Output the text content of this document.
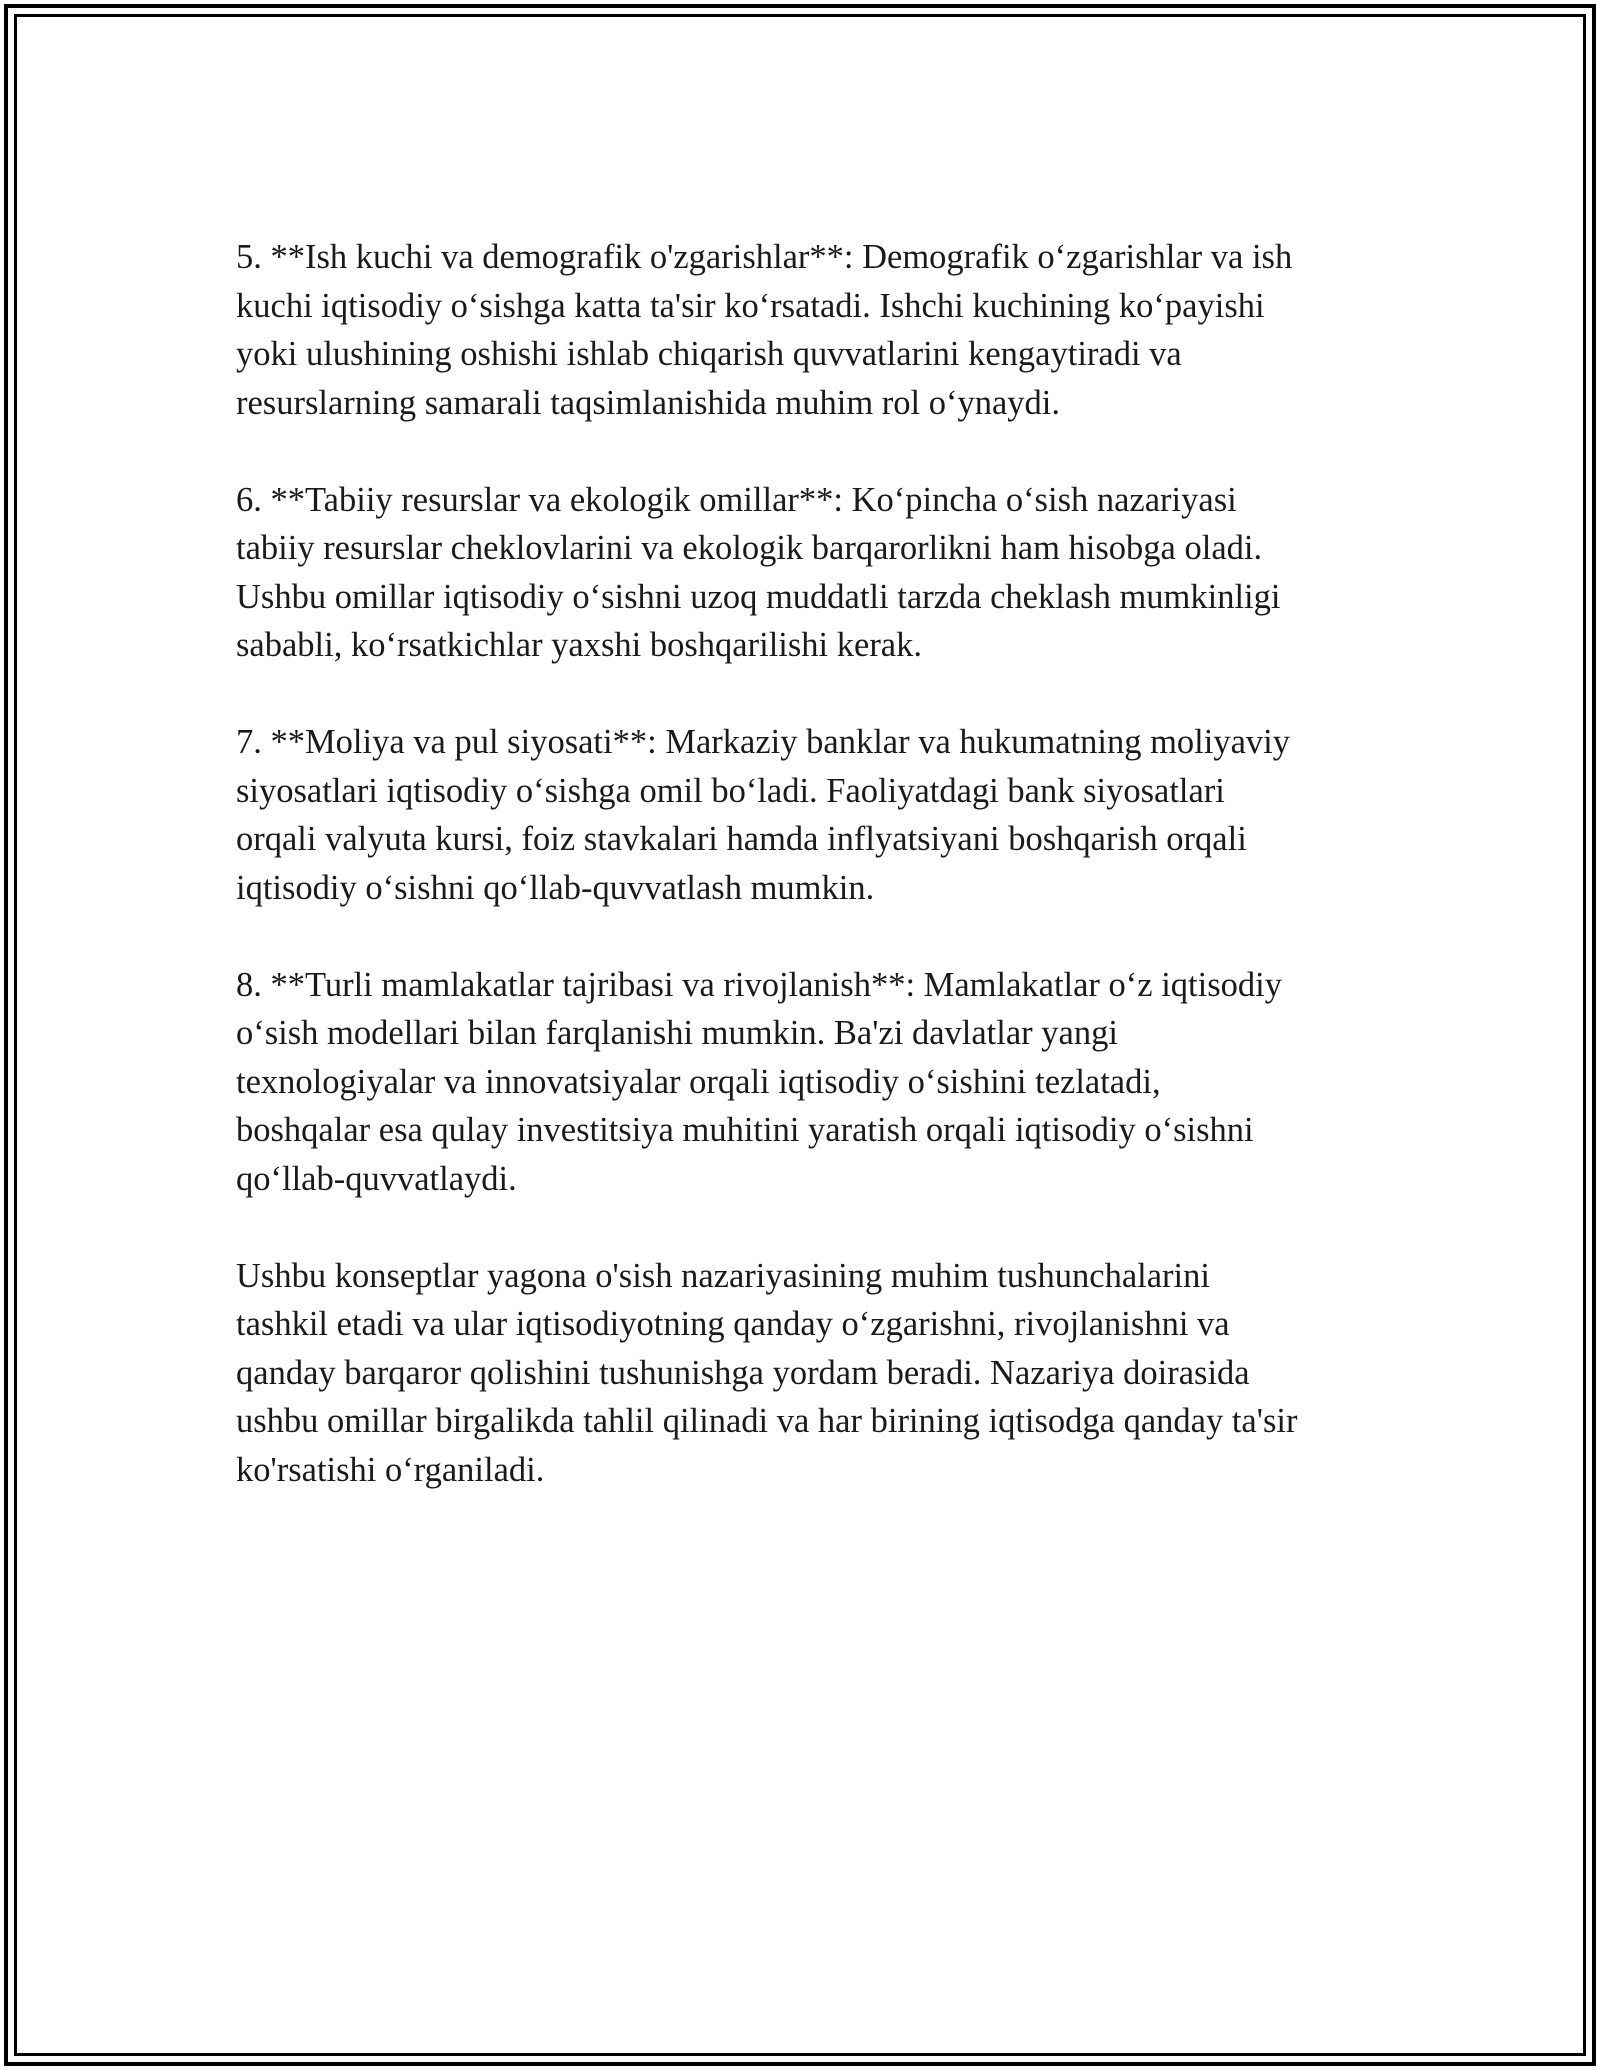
5. **Ish kuchi va demografik o'zgarishlar**: Demografik o‘zgarishlar va ish
kuchi iqtisodiy o‘sishga katta ta'sir ko‘rsatadi. Ishchi kuchining ko‘payishi
yoki ulushining oshishi ishlab chiqarish quvvatlarini kengaytiradi va
resurslarning samarali taqsimlanishida muhim rol o‘ynaydi.
6. **Tabiiy resurslar va ekologik omillar**: Ko‘pincha o‘sish nazariyasi
tabiiy resurslar cheklovlarini va ekologik barqarorlikni ham hisobga oladi.
Ushbu omillar iqtisodiy o‘sishni uzoq muddatli tarzda cheklash mumkinligi
sababli, ko‘rsatkichlar yaxshi boshqarilishi kerak.
7. **Moliya va pul siyosati**: Markaziy banklar va hukumatning moliyaviy
siyosatlari iqtisodiy o‘sishga omil bo‘ladi. Faoliyatdagi bank siyosatlari
orqali valyuta kursi, foiz stavkalari hamda inflyatsiyani boshqarish orqali
iqtisodiy o‘sishni qo‘llab-quvvatlash mumkin.
8. **Turli mamlakatlar tajribasi va rivojlanish**: Mamlakatlar o‘z iqtisodiy
o‘sish modellari bilan farqlanishi mumkin. Ba'zi davlatlar yangi
texnologiyalar va innovatsiyalar orqali iqtisodiy o‘sishini tezlatadi,
boshqalar esa qulay investitsiya muhitini yaratish orqali iqtisodiy o‘sishni
qo‘llab-quvvatlaydi.
Ushbu konseptlar yagona o'sish nazariyasining muhim tushunchalarini
tashkil etadi va ular iqtisodiyotning qanday o‘zgarishni, rivojlanishni va
qanday barqaror qolishini tushunishga yordam beradi. Nazariya doirasida
ushbu omillar birgalikda tahlil qilinadi va har birining iqtisodga qanday ta'sir
ko'rsatishi o‘rganiladi.
